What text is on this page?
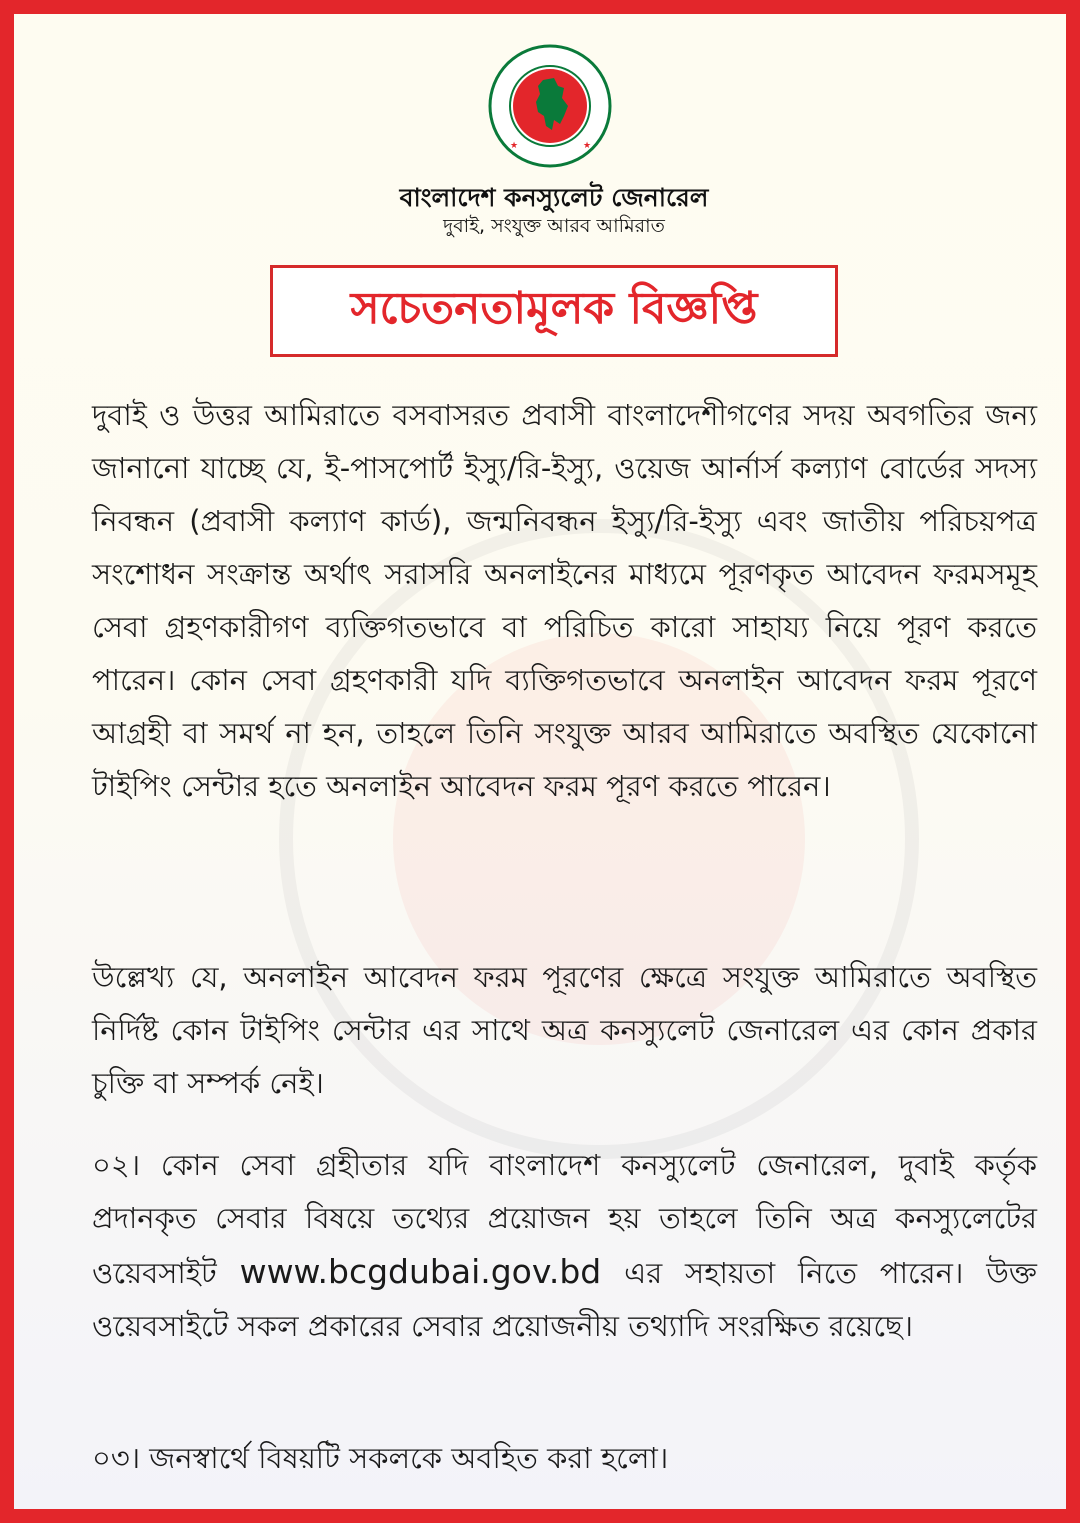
★	★
বাংলাদেশ কনস্যুলেট জেনারেল
দুবাই, সংযুক্ত আরব আমিরাত
সচেতনতামূলক বিজ্ঞপ্তি
দুবাই ও উত্তর আমিরাতে বসবাসরত প্রবাসী বাংলাদেশীগণের সদয় অবগতির জন্য জানানো যাচ্ছে যে, ই-পাসপোর্ট ইস্যু/রি-ইস্যু, ওয়েজ আর্নার্স কল্যাণ বোর্ডের সদস্য নিবন্ধন (প্রবাসী কল্যাণ কার্ড), জন্মনিবন্ধন ইস্যু/রি-ইস্যু এবং জাতীয় পরিচয়পত্র সংশোধন সংক্রান্ত অর্থাৎ সরাসরি অনলাইনের মাধ্যমে পূরণকৃত আবেদন ফরমসমূহ সেবা গ্রহণকারীগণ ব্যক্তিগতভাবে বা পরিচিত কারো সাহায্য নিয়ে পূরণ করতে পারেন। কোন সেবা গ্রহণকারী যদি ব্যক্তিগতভাবে অনলাইন আবেদন ফরম পূরণে আগ্রহী বা সমর্থ না হন, তাহলে তিনি সংযুক্ত আরব আমিরাতে অবস্থিত যেকোনো টাইপিং সেন্টার হতে অনলাইন আবেদন ফরম পূরণ করতে পারেন।
উল্লেখ্য যে, অনলাইন আবেদন ফরম পূরণের ক্ষেত্রে সংযুক্ত আমিরাতে অবস্থিত নির্দিষ্ট কোন টাইপিং সেন্টার এর সাথে অত্র কনস্যুলেট জেনারেল এর কোন প্রকার চুক্তি বা সম্পর্ক নেই।
০২। কোন সেবা গ্রহীতার যদি বাংলাদেশ কনস্যুলেট জেনারেল, দুবাই কর্তৃক প্রদানকৃত সেবার বিষয়ে তথ্যের প্রয়োজন হয় তাহলে তিনি অত্র কনস্যুলেটের ওয়েবসাইট www.bcgdubai.gov.bd এর সহায়তা নিতে পারেন। উক্ত ওয়েবসাইটে সকল প্রকারের সেবার প্রয়োজনীয় তথ্যাদি সংরক্ষিত রয়েছে।
০৩। জনস্বার্থে বিষয়টি সকলকে অবহিত করা হলো।
